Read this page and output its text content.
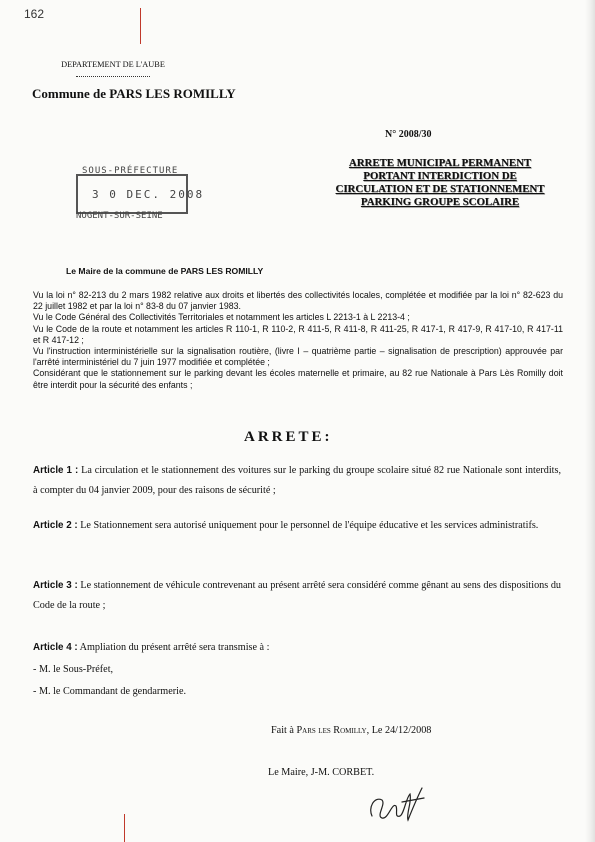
162
DEPARTEMENT DE L'AUBE
Commune de PARS LES ROMILLY
SOUS-PRÉFECTURE
3 0 DEC. 2008
NOGENT-SUR-SEINE
N° 2008/30
ARRETE MUNICIPAL PERMANENT
PORTANT INTERDICTION DE
CIRCULATION ET DE STATIONNEMENT
PARKING GROUPE SCOLAIRE
Le Maire de la commune de PARS LES ROMILLY

Vu la loi n° 82-213 du 2 mars 1982 relative aux droits et libertés des collectivités locales, complétée et modifiée par la loi n° 82-623 du 22 juillet 1982 et par la loi n° 83-8 du 07 janvier 1983.

Vu le Code Général des Collectivités Territoriales et notamment les articles L 2213-1 à L 2213-4 ;

Vu le Code de la route et notamment les articles R 110-1, R 110-2, R 411-5, R 411-8, R 411-25, R 417-1, R 417-9, R 417-10, R 417-11 et R 417-12 ;

Vu l'instruction interministérielle sur la signalisation routière, (livre I – quatrième partie – signalisation de prescription) approuvée par l'arrêté interministériel du 7 juin 1977 modifiée et complétée ;

Considérant que le stationnement sur le parking devant les écoles maternelle et primaire, au 82 rue Nationale à Pars Lès Romilly doit être interdit pour la sécurité des enfants ;

ARRETE:

Article 1 : La circulation et le stationnement des voitures sur le parking du groupe scolaire situé 82 rue Nationale sont interdits, à compter du 04 janvier 2009, pour des raisons de sécurité ;

Article 2 : Le Stationnement sera autorisé uniquement pour le personnel de l'équipe éducative et les services administratifs.

Article 3 : Le stationnement de véhicule contrevenant au présent arrêté sera considéré comme gênant au sens des dispositions du Code de la route ;

Article 4 : Ampliation du présent arrêté sera transmise à :

- M. le Sous-Préfet,
- M. le Commandant de gendarmerie.
Fait à Pars les Romilly, Le 24/12/2008
Le Maire, J-M. CORBET.
